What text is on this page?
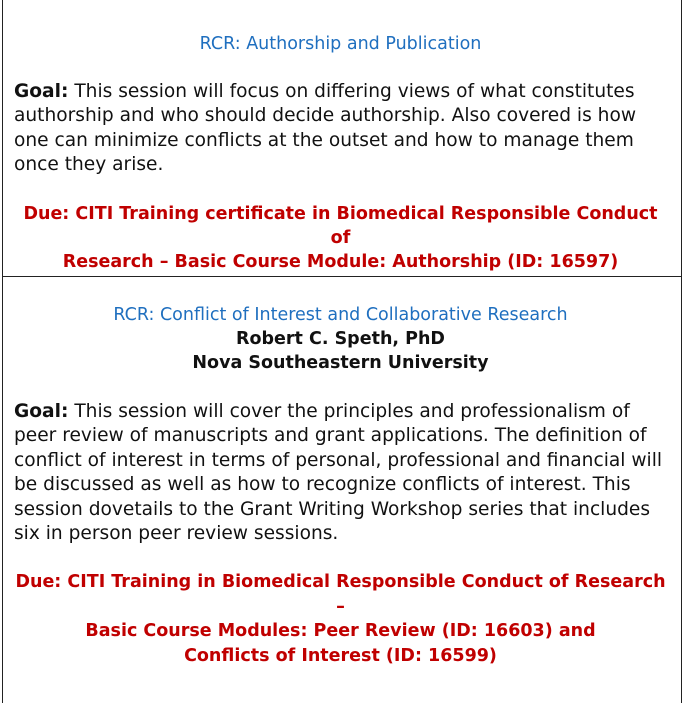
RCR: Authorship and Publication

Goal: This session will focus on differing views of what constitutes authorship and who should decide authorship. Also covered is how one can minimize conflicts at the outset and how to manage them once they arise.

Due: CITI Training certificate in Biomedical Responsible Conduct of
Research – Basic Course Module: Authorship (ID: 16597)

RCR: Conflict of Interest and Collaborative Research

Robert C. Speth, PhD
Nova Southeastern University

Goal: This session will cover the principles and professionalism of peer review of manuscripts and grant applications. The definition of conflict of interest in terms of personal, professional and financial will be discussed as well as how to recognize conflicts of interest. This session dovetails to the Grant Writing Workshop series that includes six in person peer review sessions.

Due: CITI Training in Biomedical Responsible Conduct of Research –
Basic Course Modules: Peer Review (ID: 16603) and
Conflicts of Interest (ID: 16599)
